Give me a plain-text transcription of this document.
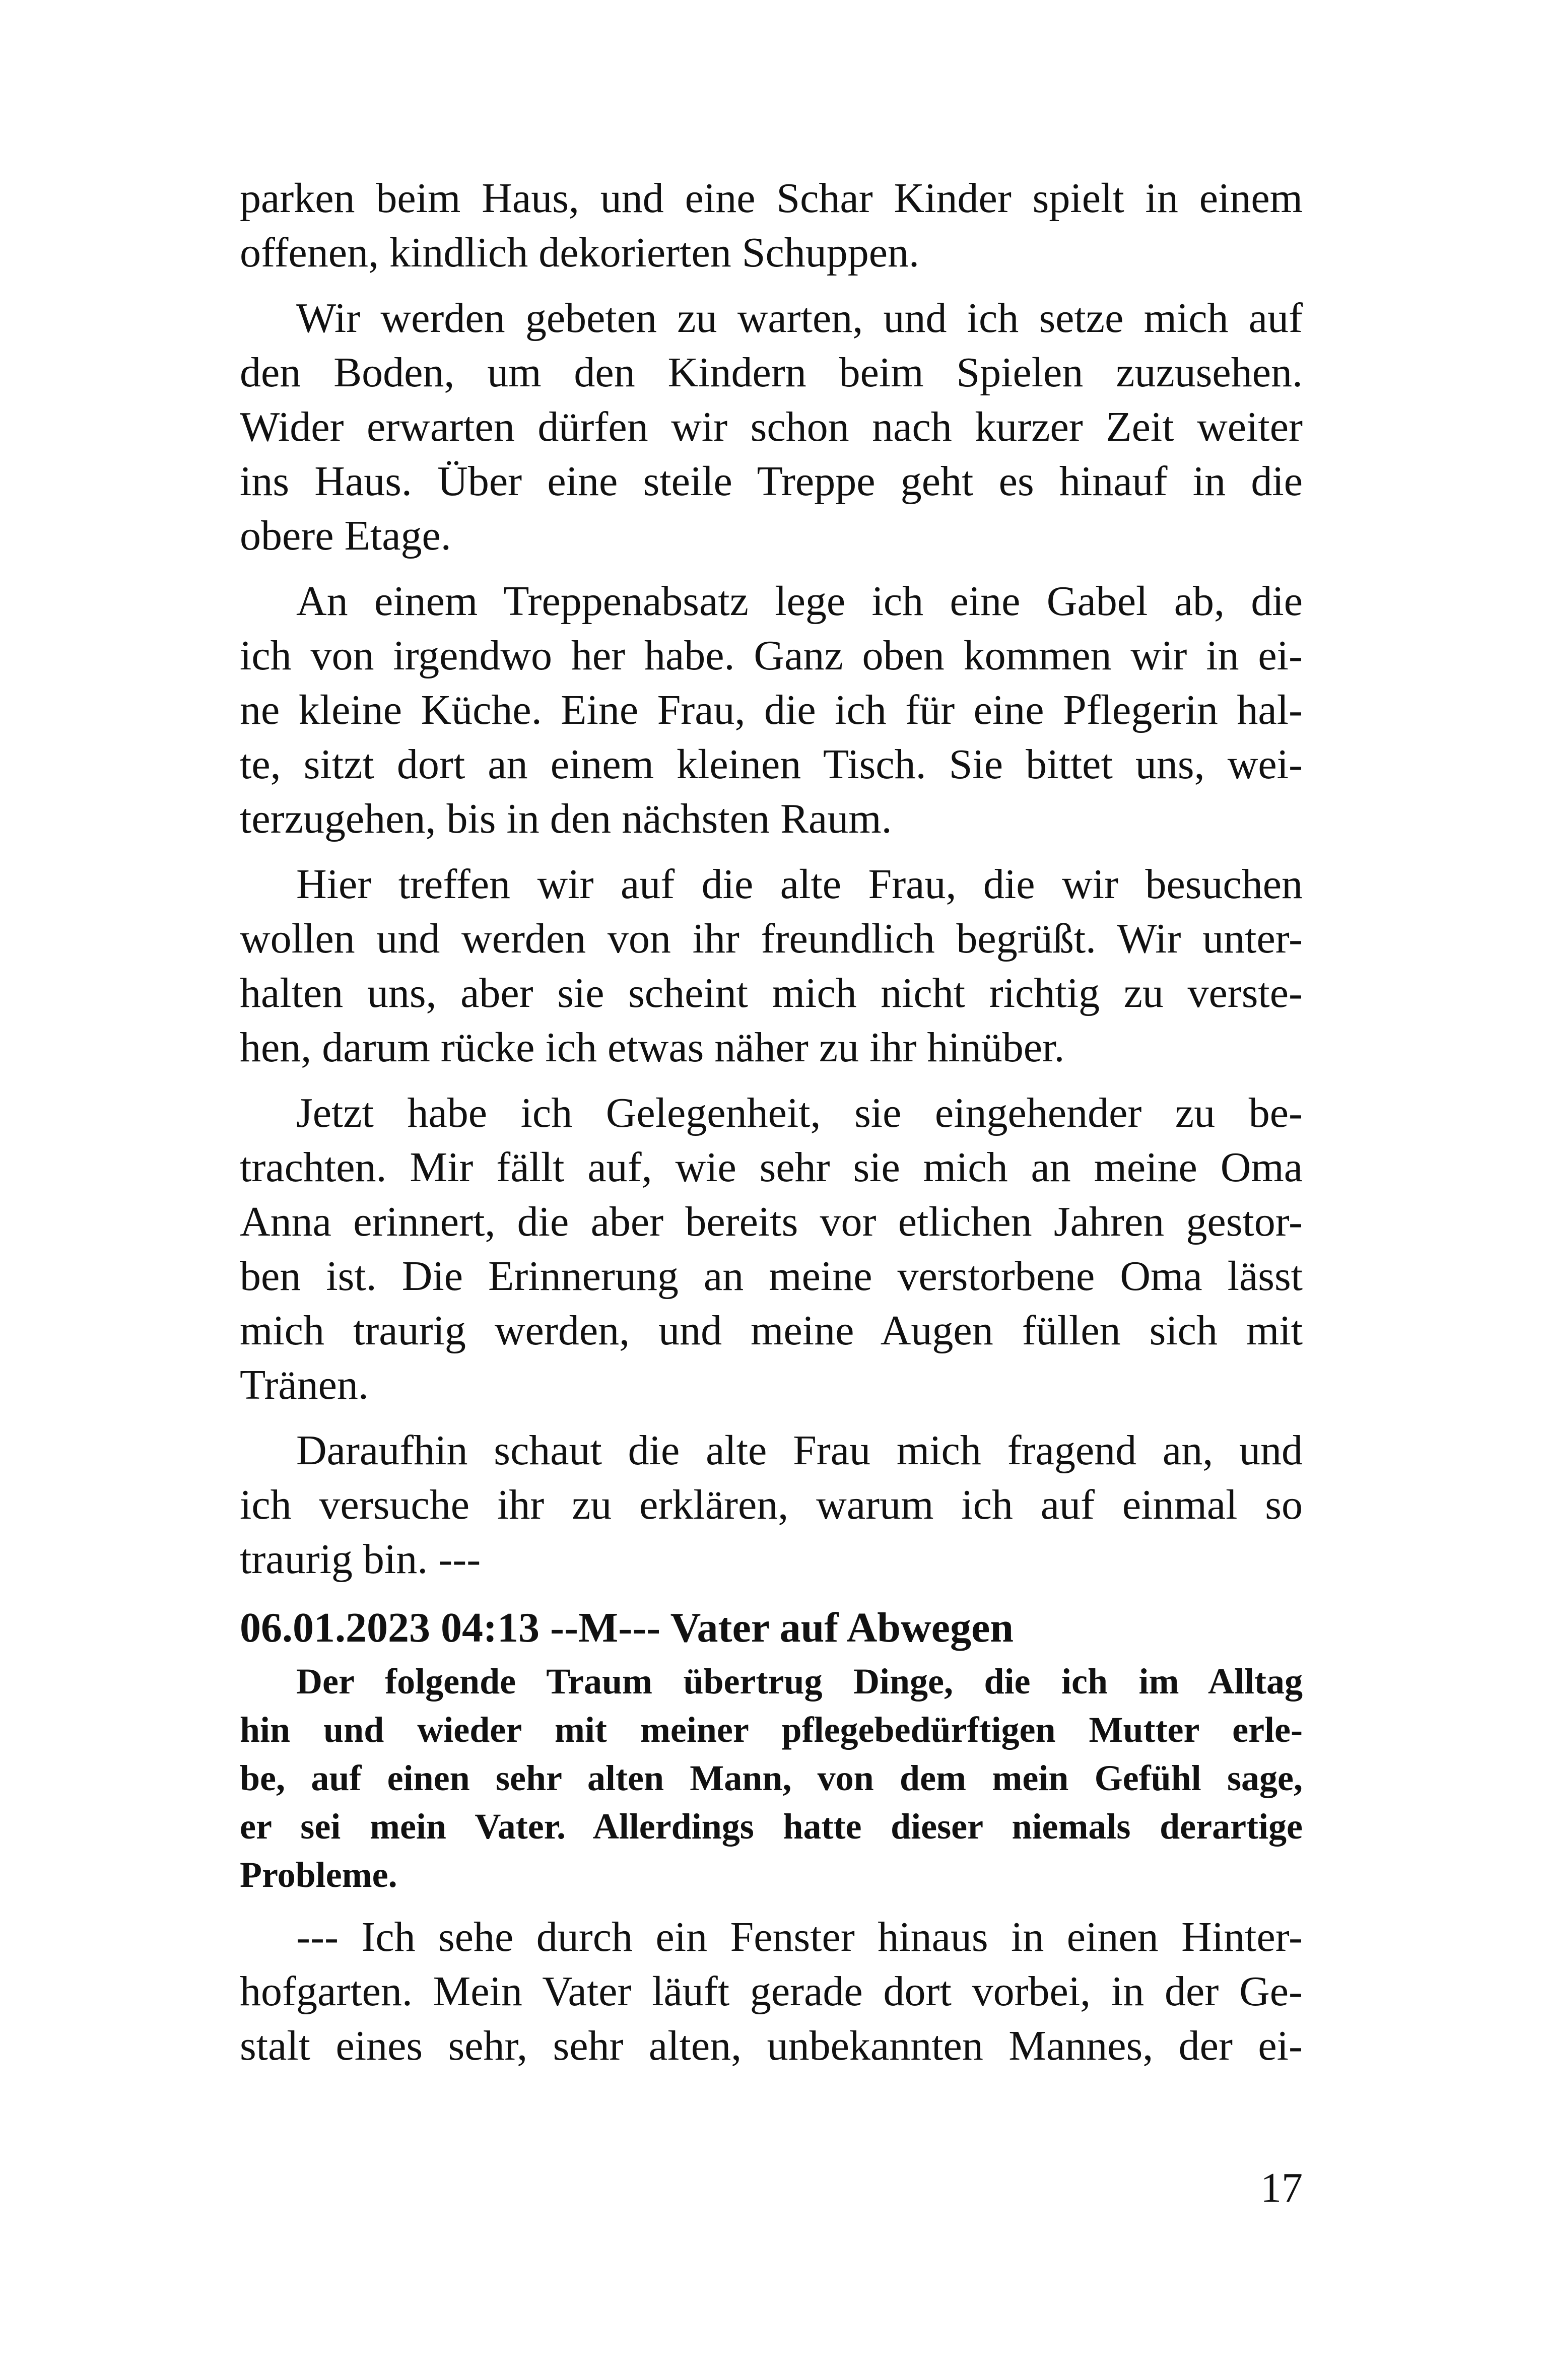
parken beim Haus, und eine Schar Kinder spielt in einem
offenen, kindlich dekorierten Schuppen.
Wir werden gebeten zu warten, und ich setze mich auf
den Boden, um den Kindern beim Spielen zuzusehen.
Wider erwarten dürfen wir schon nach kurzer Zeit weiter
ins Haus. Über eine steile Treppe geht es hinauf in die
obere Etage.
An einem Treppenabsatz lege ich eine Gabel ab, die
ich von irgendwo her habe. Ganz oben kommen wir in ei-
ne kleine Küche. Eine Frau, die ich für eine Pflegerin hal-
te, sitzt dort an einem kleinen Tisch. Sie bittet uns, wei-
terzugehen, bis in den nächsten Raum.
Hier treffen wir auf die alte Frau, die wir besuchen
wollen und werden von ihr freundlich begrüßt. Wir unter-
halten uns, aber sie scheint mich nicht richtig zu verste-
hen, darum rücke ich etwas näher zu ihr hinüber.
Jetzt habe ich Gelegenheit, sie eingehender zu be-
trachten. Mir fällt auf, wie sehr sie mich an meine Oma
Anna erinnert, die aber bereits vor etlichen Jahren gestor-
ben ist. Die Erinnerung an meine verstorbene Oma lässt
mich traurig werden, und meine Augen füllen sich mit
Tränen.
Daraufhin schaut die alte Frau mich fragend an, und
ich versuche ihr zu erklären, warum ich auf einmal so
traurig bin. ---
06.01.2023 04:13 --M--- Vater auf Abwegen
Der folgende Traum übertrug Dinge, die ich im Alltag
hin und wieder mit meiner pflegebedürftigen Mutter erle-
be, auf einen sehr alten Mann, von dem mein Gefühl sage,
er sei mein Vater. Allerdings hatte dieser niemals derartige
Probleme.
--- Ich sehe durch ein Fenster hinaus in einen Hinter-
hofgarten. Mein Vater läuft gerade dort vorbei, in der Ge-
stalt eines sehr, sehr alten, unbekannten Mannes, der ei-
17
